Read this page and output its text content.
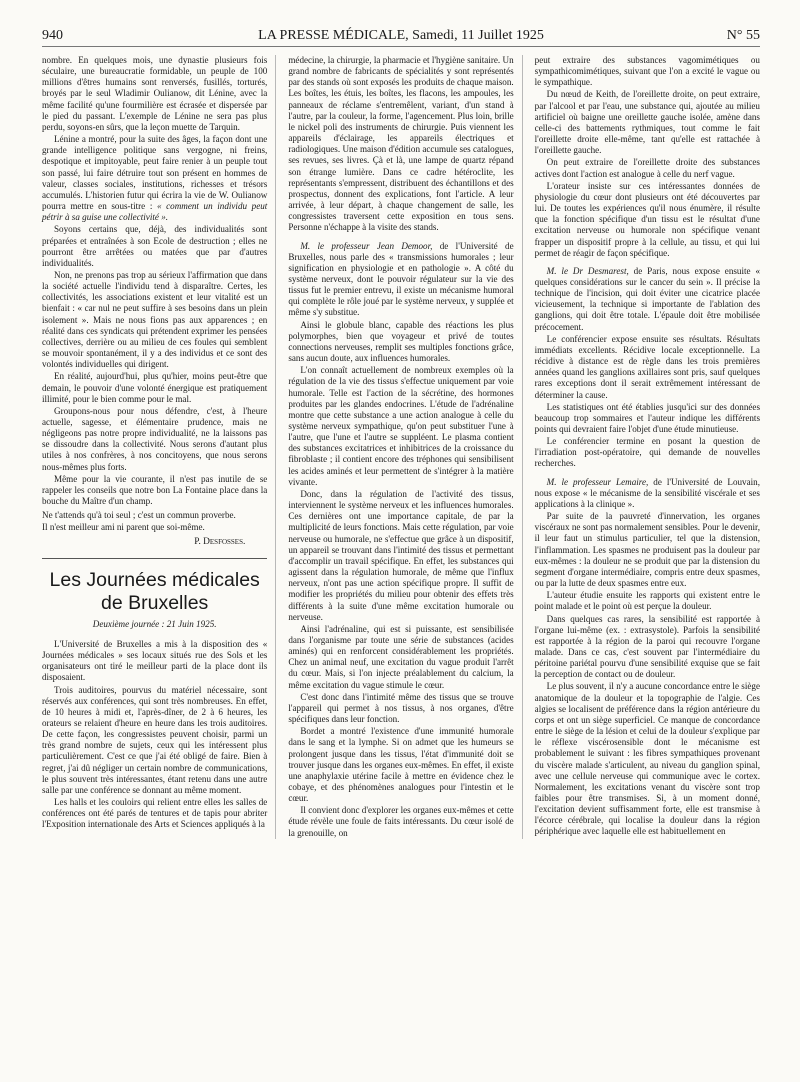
940	LA PRESSE MÉDICALE, Samedi, 11 Juillet 1925	N° 55

nombre. En quelques mois, une dynastie plusieurs fois séculaire, une bureaucratie formidable, un peuple de 100 millions d'êtres humains sont renversés, fusillés, torturés, broyés par le seul Wladimir Oulianow, dit Lénine, avec la même facilité qu'une fourmilière est écrasée et dispersée par le pied du passant. L'exemple de Lénine ne sera pas plus perdu, soyons-en sûrs, que la leçon muette de Tarquin.

Lénine a montré, pour la suite des âges, la façon dont une grande intelligence politique sans vergogne, ni freins, despotique et impitoyable, peut faire renier à un peuple tout son passé, lui faire détruire tout son présent en hommes de valeur, classes sociales, institutions, richesses et trésors accumulés. L'historien futur qui écrira la vie de W. Oulianow pourra mettre en sous-titre : « comment un individu peut pétrir à sa guise une collectivité ».

Soyons certains que, déjà, des individualités sont préparées et entraînées à son Ecole de destruction ; elles ne pourront être arrêtées ou matées que par d'autres individualités.

Non, ne prenons pas trop au sérieux l'affirmation que dans la société actuelle l'individu tend à disparaître. Certes, les collectivités, les associations existent et leur vitalité est un bienfait : « car nul ne peut suffire à ses besoins dans un plein isolement ». Mais ne nous fions pas aux apparences ; en réalité dans ces syndicats qui prétendent exprimer les pensées collectives, derrière ou au milieu de ces foules qui semblent se mouvoir spontanément, il y a des individus et ce sont des volontés individuelles qui dirigent.

En réalité, aujourd'hui, plus qu'hier, moins peut-être que demain, le pouvoir d'une volonté énergique est pratiquement illimité, pour le bien comme pour le mal.

Groupons-nous pour nous défendre, c'est, à l'heure actuelle, sagesse, et élémentaire prudence, mais ne négligeons pas notre propre individualité, ne la laissons pas se dissoudre dans la collectivité. Nous serons d'autant plus utiles à nos confrères, à nos concitoyens, que nous serons nous-mêmes plus forts.

Même pour la vie courante, il n'est pas inutile de se rappeler les conseils que notre bon La Fontaine place dans la bouche du Maître d'un champ.

Ne t'attends qu'à toi seul ; c'est un commun proverbe.

Il n'est meilleur ami ni parent que soi-même.

P. Desfosses.
Les Journées médicales de Bruxelles
Deuxième journée : 21 Juin 1925.

L'Université de Bruxelles a mis à la disposition des « Journées médicales » ses locaux situés rue des Sols et les organisateurs ont tiré le meilleur parti de la place dont ils disposaient.

Trois auditoires, pourvus du matériel nécessaire, sont réservés aux conférences, qui sont très nombreuses. En effet, de 10 heures à midi et, l'après-dîner, de 2 à 6 heures, les orateurs se relaient d'heure en heure dans les trois auditoires. De cette façon, les congressistes peuvent choisir, parmi un très grand nombre de sujets, ceux qui les intéressent plus particulièrement. C'est ce que j'ai été obligé de faire. Bien à regret, j'ai dû négliger un certain nombre de communications, le plus souvent très intéressantes, étant retenu dans une autre salle par une conférence se donnant au même moment.

Les halls et les couloirs qui relient entre elles les salles de conférences ont été parés de tentures et de tapis pour abriter l'Exposition internationale des Arts et Sciences appliqués à la

médecine, la chirurgie, la pharmacie et l'hygiène sanitaire. Un grand nombre de fabricants de spécialités y sont représentés par des stands où sont exposés les produits de chaque maison. Les boîtes, les étuis, les boîtes, les flacons, les ampoules, les panneaux de réclame s'entremêlent, variant, d'un stand à l'autre, par la couleur, la forme, l'agencement. Plus loin, brille le nickel poli des instruments de chirurgie. Puis viennent les appareils d'éclairage, les appareils électriques et radiologiques. Une maison d'édition accumule ses catalogues, ses revues, ses livres. Çà et là, une lampe de quartz répand son étrange lumière. Dans ce cadre hétéroclite, les représentants s'empressent, distribuent des échantillons et des prospectus, donnent des explications, font l'article. A leur arrivée, à leur départ, à chaque changement de salle, les congressistes traversent cette exposition en tous sens. Personne n'échappe à la visite des stands.

M. le professeur Jean Demoor, de l'Université de Bruxelles, nous parle des « transmissions humorales ; leur signification en physiologie et en pathologie ». A côté du système nerveux, dont le pouvoir régulateur sur la vie des tissus fut le premier entrevu, il existe un mécanisme humoral qui complète le rôle joué par le système nerveux, y supplée et même s'y substitue.

Ainsi le globule blanc, capable des réactions les plus polymorphes, bien que voyageur et privé de toutes connections nerveuses, remplit ses multiples fonctions grâce, sans aucun doute, aux influences humorales.

L'on connaît actuellement de nombreux exemples où la régulation de la vie des tissus s'effectue uniquement par voie humorale. Telle est l'action de la sécrétine, des hormones produites par les glandes endocrines. L'étude de l'adrénaline montre que cette substance a une action analogue à celle du système nerveux sympathique, qu'on peut substituer l'une à l'autre, que l'une et l'autre se suppléent. Le plasma contient des substances excitatrices et inhibitrices de la croissance du fibroblaste ; il contient encore des tréphones qui sensibilisent les acides aminés et leur permettent de s'intégrer à la matière vivante.

Donc, dans la régulation de l'activité des tissus, interviennent le système nerveux et les influences humorales. Ces dernières ont une importance capitale, de par la multiplicité de leurs fonctions. Mais cette régulation, par voie nerveuse ou humorale, ne s'effectue que grâce à un dispositif, un appareil se trouvant dans l'intimité des tissus et permettant d'accomplir un travail spécifique. En effet, les substances qui agissent dans la régulation humorale, de même que l'influx nerveux, n'ont pas une action spécifique propre. Il suffit de modifier les propriétés du milieu pour obtenir des effets très différents à la suite d'une même excitation humorale ou nerveuse.

Ainsi l'adrénaline, qui est si puissante, est sensibilisée dans l'organisme par toute une série de substances (acides aminés) qui en renforcent considérablement les propriétés. Chez un animal neuf, une excitation du vague produit l'arrêt du cœur. Mais, si l'on injecte préalablement du calcium, la même excitation du vague stimule le cœur.

C'est donc dans l'intimité même des tissus que se trouve l'appareil qui permet à nos tissus, à nos organes, d'être spécifiques dans leur fonction.

Bordet a montré l'existence d'une immunité humorale dans le sang et la lymphe. Si on admet que les humeurs se prolongent jusque dans les tissus, l'état d'immunité doit se trouver jusque dans les organes eux-mêmes. En effet, il existe une anaphylaxie utérine facile à mettre en évidence chez le cobaye, et des phénomènes analogues pour l'intestin et le cœur.

Il convient donc d'explorer les organes eux-mêmes et cette étude révèle une foule de faits intéressants. Du cœur isolé de la grenouille, on

peut extraire des substances vagomimétiques ou sympathicomimétiques, suivant que l'on a excité le vague ou le sympathique.

Du nœud de Keith, de l'oreillette droite, on peut extraire, par l'alcool et par l'eau, une substance qui, ajoutée au milieu artificiel où baigne une oreillette gauche isolée, amène dans celle-ci des battements rythmiques, tout comme le fait l'oreillette droite elle-même, tant qu'elle est rattachée à l'oreillette gauche.

On peut extraire de l'oreillette droite des substances actives dont l'action est analogue à celle du nerf vague.

L'orateur insiste sur ces intéressantes données de physiologie du cœur dont plusieurs ont été découvertes par lui. De toutes les expériences qu'il nous énumère, il résulte que la fonction spécifique d'un tissu est le résultat d'une excitation nerveuse ou humorale non spécifique venant frapper un dispositif propre à la cellule, au tissu, et qui lui permet de réagir de façon spécifique.

M. le Dr Desmarest, de Paris, nous expose ensuite « quelques considérations sur le cancer du sein ». Il précise la technique de l'incision, qui doit éviter une cicatrice placée vicieusement, la technique si importante de l'ablation des ganglions, qui doit être totale. L'épaule doit être mobilisée précocement.

Le conférencier expose ensuite ses résultats. Résultats immédiats excellents. Récidive locale exceptionnelle. La récidive à distance est de règle dans les trois premières années quand les ganglions axillaires sont pris, sauf quelques rares exceptions dont il serait extrêmement intéressant de déterminer la cause.

Les statistiques ont été établies jusqu'ici sur des données beaucoup trop sommaires et l'auteur indique les différents points qui devraient faire l'objet d'une étude minutieuse.

Le conférencier termine en posant la question de l'irradiation post-opératoire, qui demande de nouvelles recherches.

M. le professeur Lemaire, de l'Université de Louvain, nous expose « le mécanisme de la sensibilité viscérale et ses applications à la clinique ».

Par suite de la pauvreté d'innervation, les organes viscéraux ne sont pas normalement sensibles. Pour le devenir, il leur faut un stimulus particulier, tel que la distension, l'inflammation. Les spasmes ne produisent pas la douleur par eux-mêmes : la douleur ne se produit que par la distension du segment d'organe intermédiaire, compris entre deux spasmes, ou par la lutte de deux spasmes entre eux.

L'auteur étudie ensuite les rapports qui existent entre le point malade et le point où est perçue la douleur.

Dans quelques cas rares, la sensibilité est rapportée à l'organe lui-même (ex. : extrasystole). Parfois la sensibilité est rapportée à la région de la paroi qui recouvre l'organe malade. Dans ce cas, c'est souvent par l'intermédiaire du péritoine pariétal pourvu d'une sensibilité exquise que se fait la perception de contact ou de douleur.

Le plus souvent, il n'y a aucune concordance entre le siège anatomique de la douleur et la topographie de l'algie. Ces algies se localisent de préférence dans la région antérieure du corps et ont un siège superficiel. Ce manque de concordance entre le siège de la lésion et celui de la douleur s'explique par le réflexe viscérosensible dont le mécanisme est probablement le suivant : les fibres sympathiques provenant du viscère malade s'articulent, au niveau du ganglion spinal, avec une cellule nerveuse qui communique avec le cortex. Normalement, les excitations venant du viscère sont trop faibles pour être transmises. Si, à un moment donné, l'excitation devient suffisamment forte, elle est transmise à l'écorce cérébrale, qui localise la douleur dans la région périphérique avec laquelle elle est habituellement en
